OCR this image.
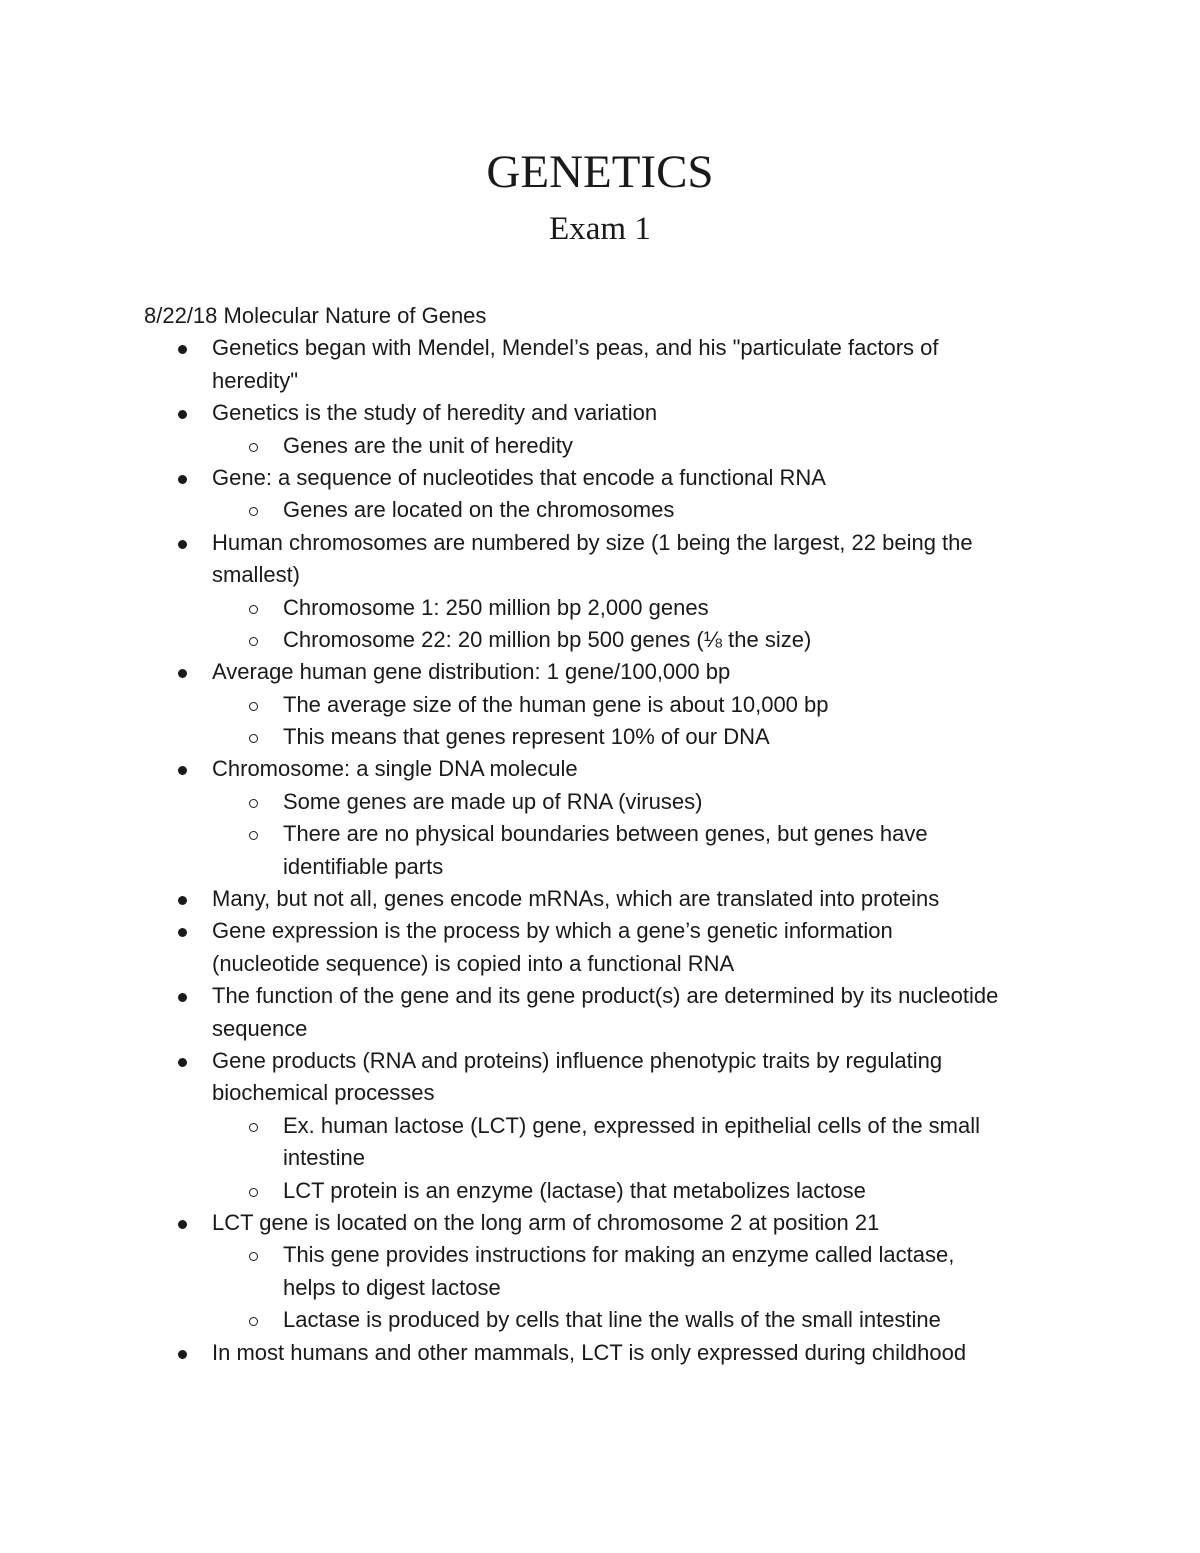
GENETICS
Exam 1
8/22/18 Molecular Nature of Genes
Genetics began with Mendel, Mendel’s peas, and his "particulate factors of
heredity"
Genetics is the study of heredity and variation
Genes are the unit of heredity
Gene: a sequence of nucleotides that encode a functional RNA
Genes are located on the chromosomes
Human chromosomes are numbered by size (1 being the largest, 22 being the
smallest)
Chromosome 1: 250 million bp 2,000 genes
Chromosome 22: 20 million bp 500 genes (⅛ the size)
Average human gene distribution: 1 gene/100,000 bp
The average size of the human gene is about 10,000 bp
This means that genes represent 10% of our DNA
Chromosome: a single DNA molecule
Some genes are made up of RNA (viruses)
There are no physical boundaries between genes, but genes have
identifiable parts
Many, but not all, genes encode mRNAs, which are translated into proteins
Gene expression is the process by which a gene’s genetic information
(nucleotide sequence) is copied into a functional RNA
The function of the gene and its gene product(s) are determined by its nucleotide
sequence
Gene products (RNA and proteins) influence phenotypic traits by regulating
biochemical processes
Ex. human lactose (LCT) gene, expressed in epithelial cells of the small
intestine
LCT protein is an enzyme (lactase) that metabolizes lactose
LCT gene is located on the long arm of chromosome 2 at position 21
This gene provides instructions for making an enzyme called lactase,
helps to digest lactose
Lactase is produced by cells that line the walls of the small intestine
In most humans and other mammals, LCT is only expressed during childhood
